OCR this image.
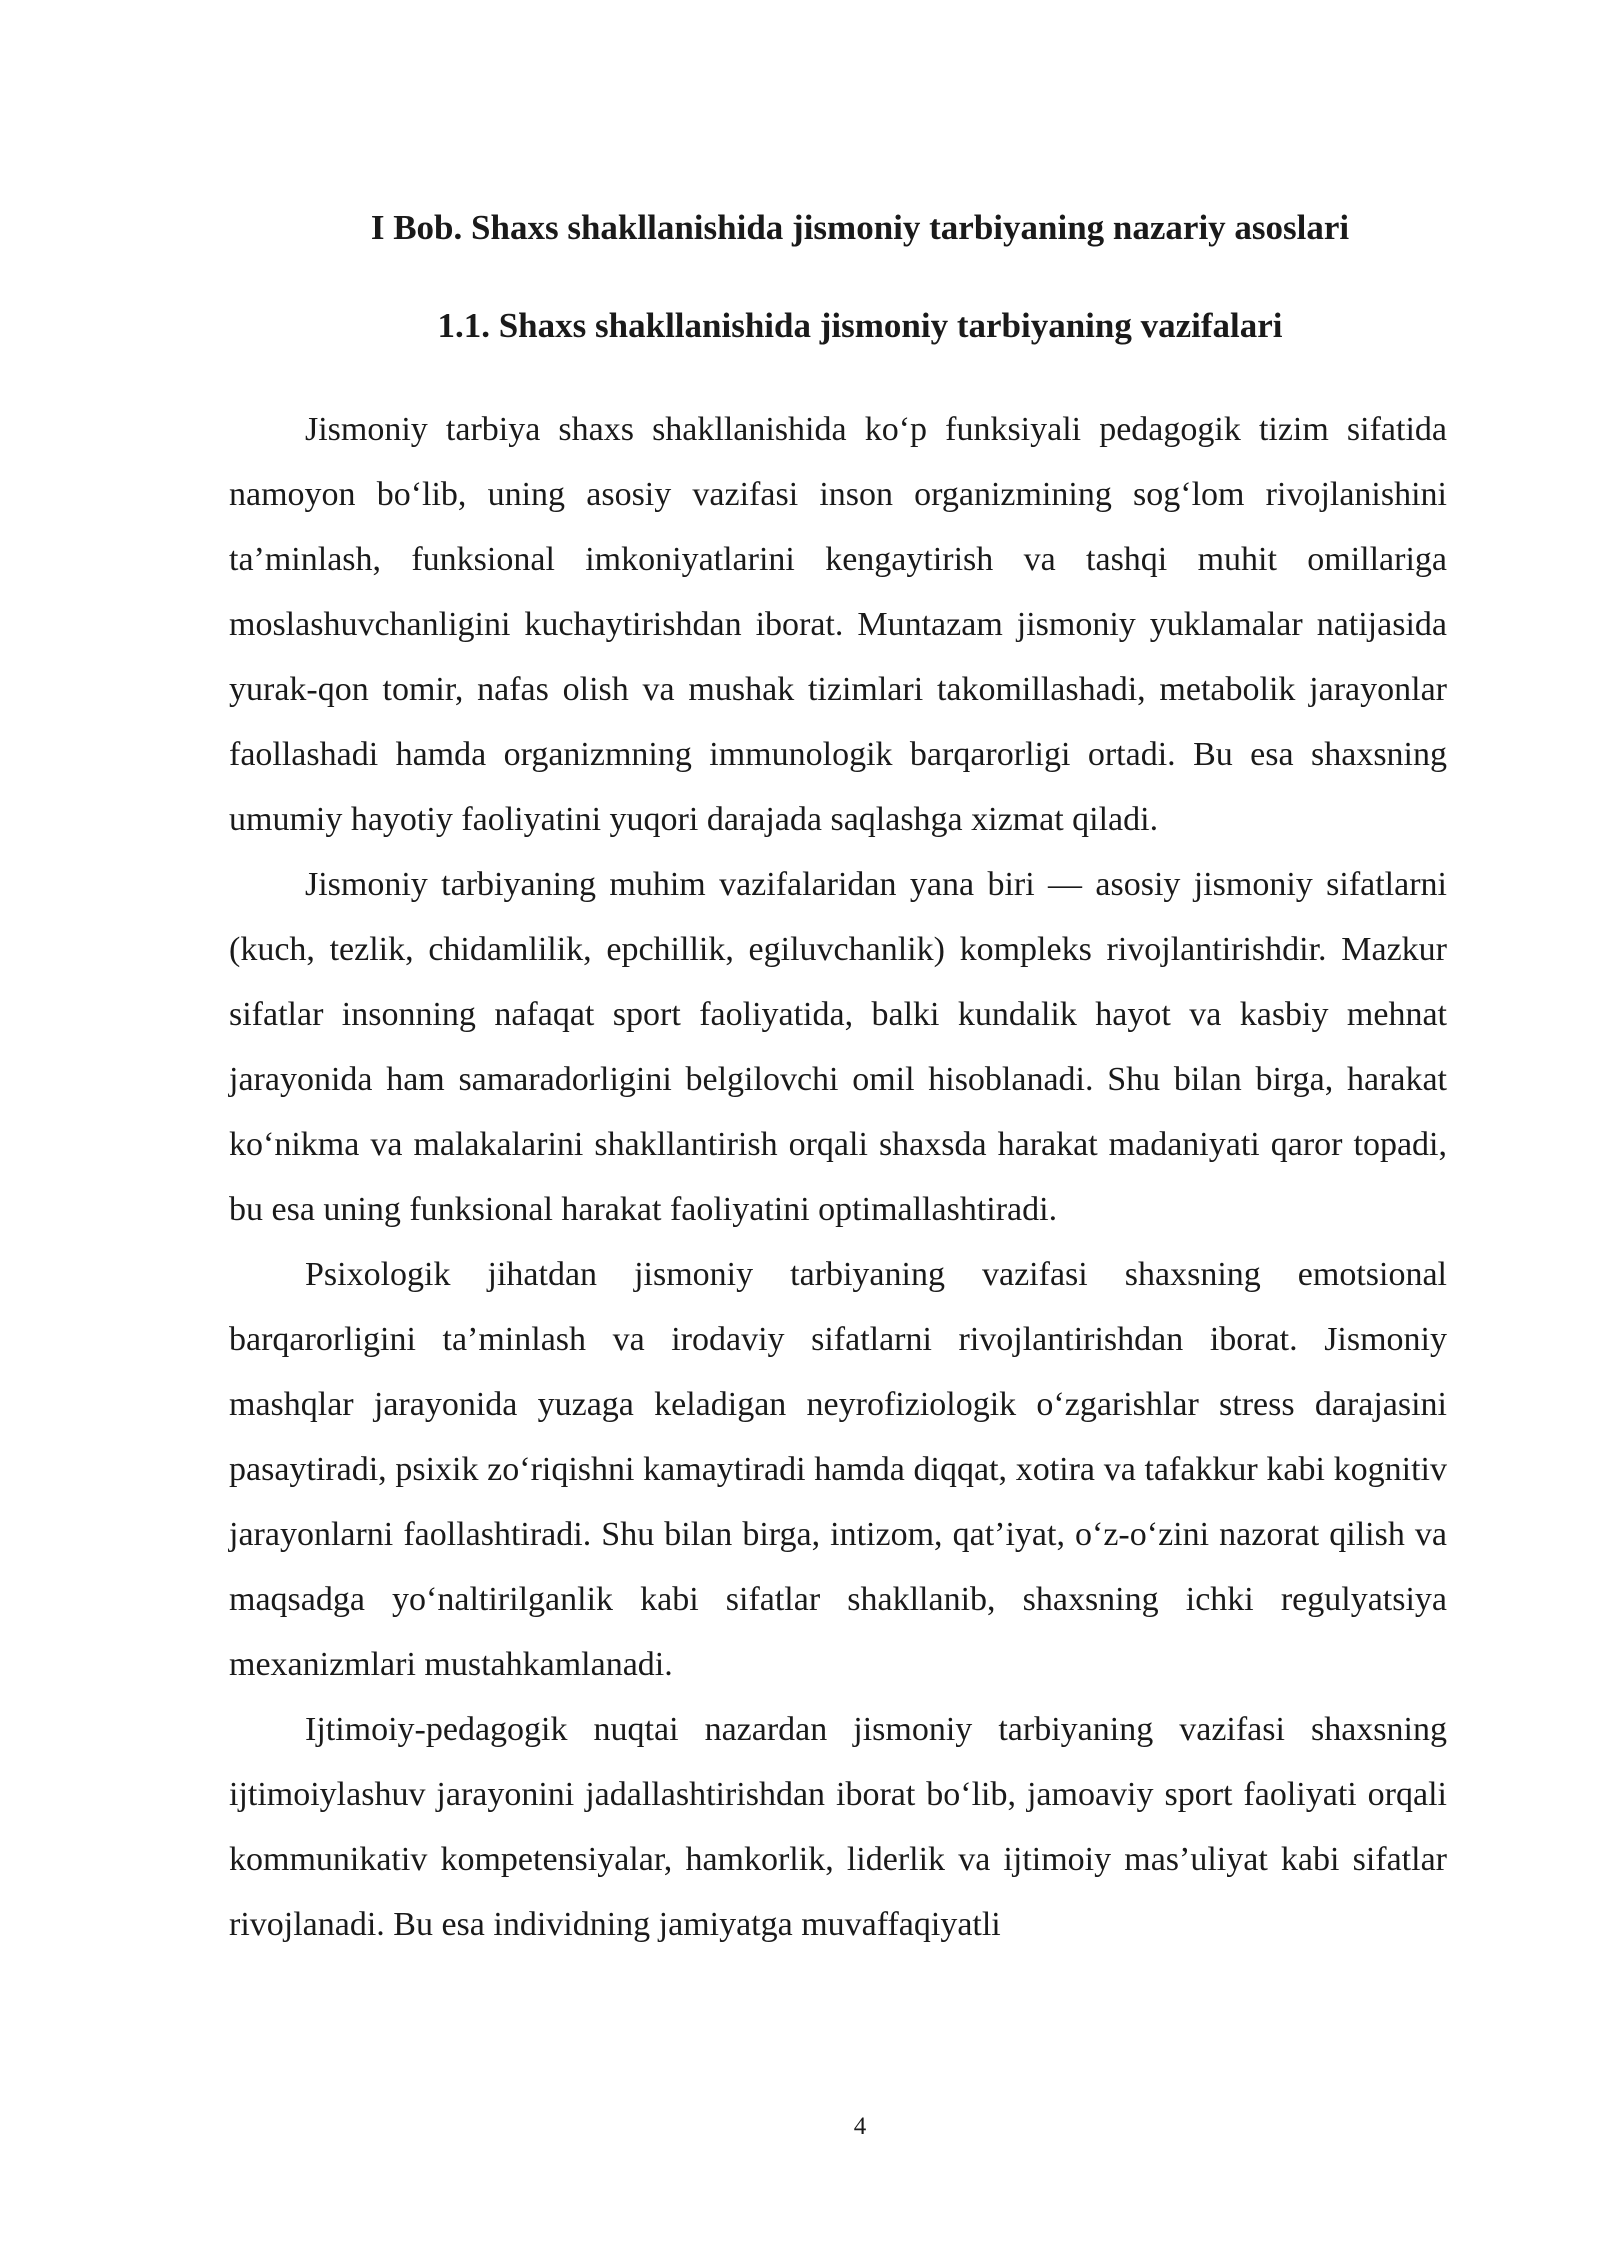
I Bob. Shaxs shakllanishida jismoniy tarbiyaning nazariy asoslari
1.1. Shaxs shakllanishida jismoniy tarbiyaning vazifalari

Jismoniy tarbiya shaxs shakllanishida ko‘p funksiyali pedagogik tizim sifatida namoyon bo‘lib, uning asosiy vazifasi inson organizmining sog‘lom rivojlanishini ta’minlash, funksional imkoniyatlarini kengaytirish va tashqi muhit omillariga moslashuvchanligini kuchaytirishdan iborat. Muntazam jismoniy yuklamalar natijasida yurak-qon tomir, nafas olish va mushak tizimlari takomillashadi, metabolik jarayonlar faollashadi hamda organizmning immunologik barqarorligi ortadi. Bu esa shaxsning umumiy hayotiy faoliyatini yuqori darajada saqlashga xizmat qiladi.

Jismoniy tarbiyaning muhim vazifalaridan yana biri — asosiy jismoniy sifatlarni (kuch, tezlik, chidamlilik, epchillik, egiluvchanlik) kompleks rivojlantirishdir. Mazkur sifatlar insonning nafaqat sport faoliyatida, balki kundalik hayot va kasbiy mehnat jarayonida ham samaradorligini belgilovchi omil hisoblanadi. Shu bilan birga, harakat ko‘nikma va malakalarini shakllantirish orqali shaxsda harakat madaniyati qaror topadi, bu esa uning funksional harakat faoliyatini optimallashtiradi.

Psixologik jihatdan jismoniy tarbiyaning vazifasi shaxsning emotsional barqarorligini ta’minlash va irodaviy sifatlarni rivojlantirishdan iborat. Jismoniy mashqlar jarayonida yuzaga keladigan neyrofiziologik o‘zgarishlar stress darajasini pasaytiradi, psixik zo‘riqishni kamaytiradi hamda diqqat, xotira va tafakkur kabi kognitiv jarayonlarni faollashtiradi. Shu bilan birga, intizom, qat’iyat, o‘z-o‘zini nazorat qilish va maqsadga yo‘naltirilganlik kabi sifatlar shakllanib, shaxsning ichki regulyatsiya mexanizmlari mustahkamlanadi.

Ijtimoiy-pedagogik nuqtai nazardan jismoniy tarbiyaning vazifasi shaxsning ijtimoiylashuv jarayonini jadallashtirishdan iborat bo‘lib, jamoaviy sport faoliyati orqali kommunikativ kompetensiyalar, hamkorlik, liderlik va ijtimoiy mas’uliyat kabi sifatlar rivojlanadi. Bu esa individning jamiyatga muvaffaqiyatli

4
